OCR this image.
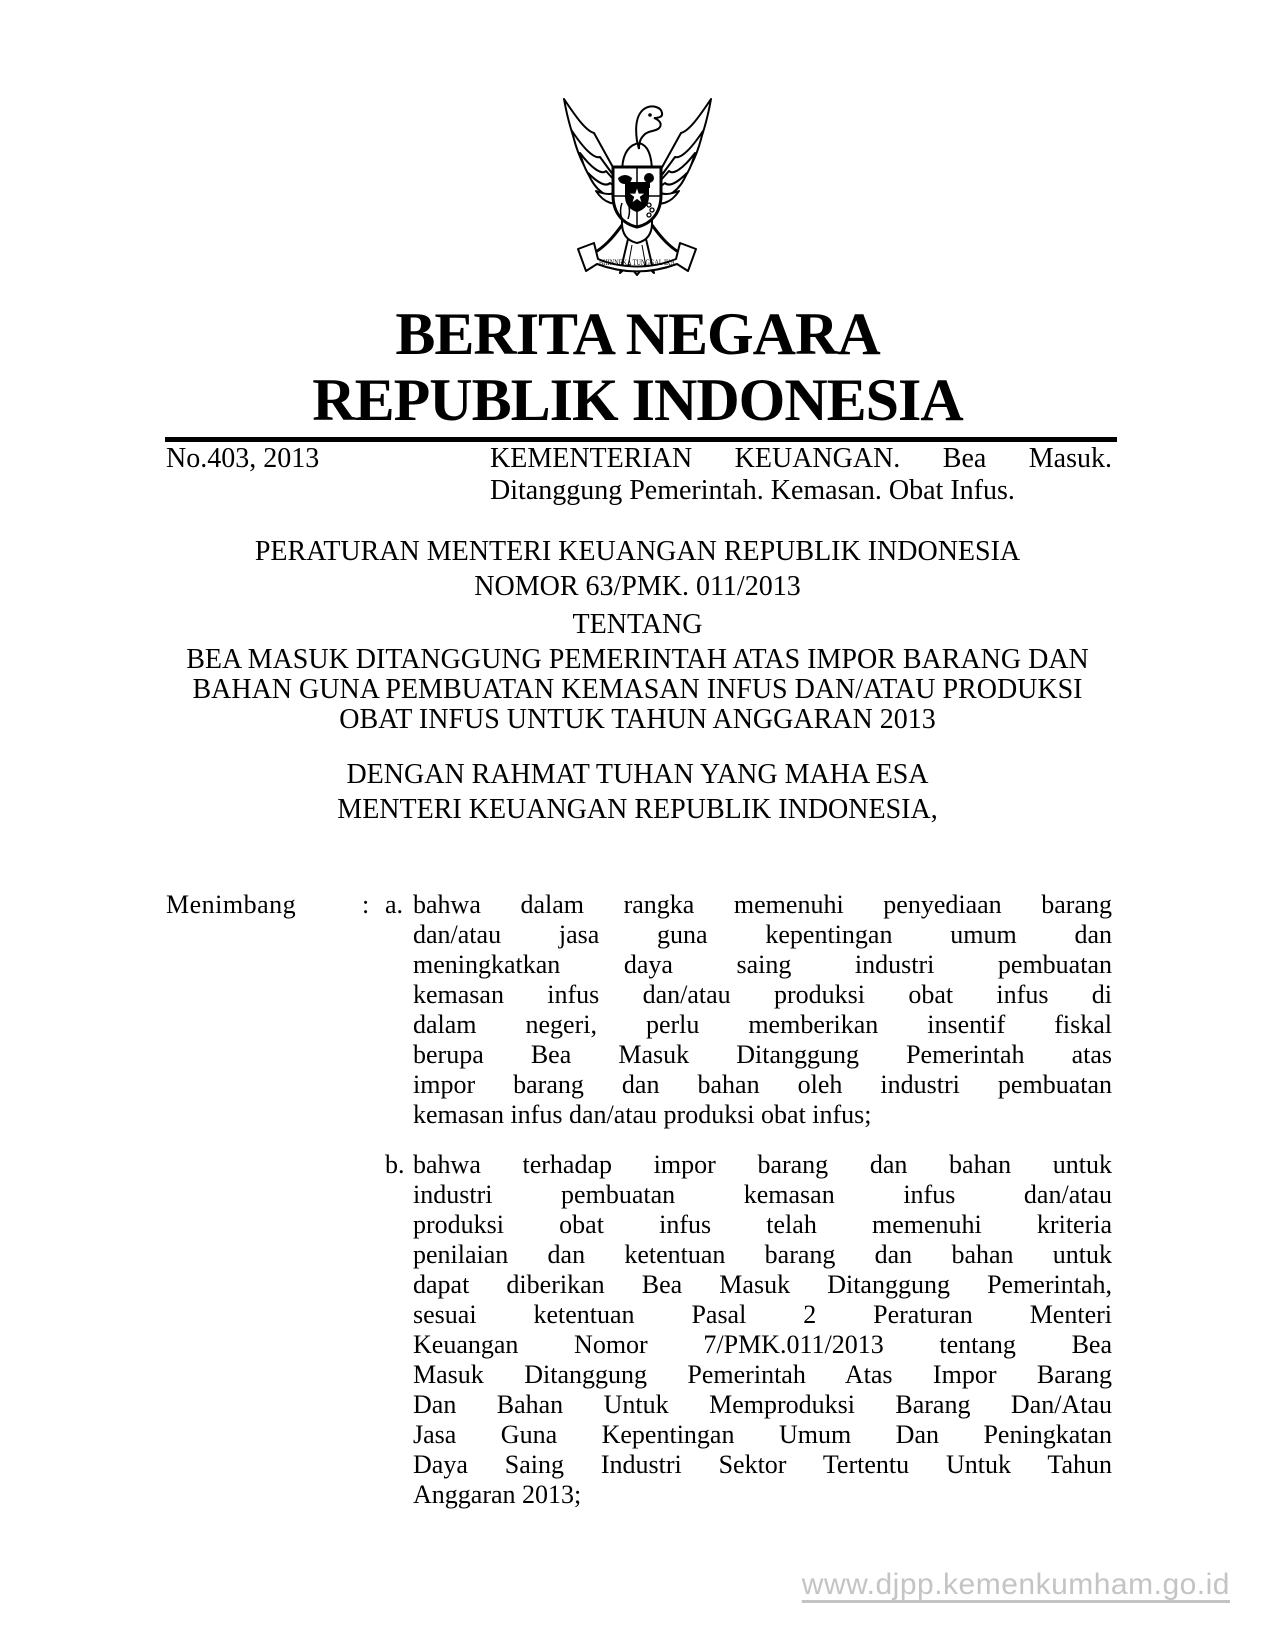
BHINNEKA TUNGGAL IKA
BERITA NEGARA
REPUBLIK INDONESIA
No.403, 2013	KEMENTERIAN KEUANGAN. Bea Masuk.
Ditanggung Pemerintah. Kemasan. Obat Infus.
PERATURAN MENTERI KEUANGAN REPUBLIK INDONESIA
NOMOR 63/PMK. 011/2013
TENTANG
BEA MASUK DITANGGUNG PEMERINTAH ATAS IMPOR BARANG DAN
BAHAN GUNA PEMBUATAN KEMASAN INFUS DAN/ATAU PRODUKSI
OBAT INFUS UNTUK TAHUN ANGGARAN 2013
DENGAN RAHMAT TUHAN YANG MAHA ESA
MENTERI KEUANGAN REPUBLIK INDONESIA,
Menimbang	: a. bahwa dalam rangka memenuhi penyediaan barang
dan/atau jasa guna kepentingan umum dan
meningkatkan daya saing industri pembuatan
kemasan infus dan/atau produksi obat infus di
dalam negeri, perlu memberikan insentif fiskal
berupa Bea Masuk Ditanggung Pemerintah atas
impor barang dan bahan oleh industri pembuatan
kemasan infus dan/atau produksi obat infus;
b. bahwa terhadap impor barang dan bahan untuk
industri pembuatan kemasan infus dan/atau
produksi obat infus telah memenuhi kriteria
penilaian dan ketentuan barang dan bahan untuk
dapat diberikan Bea Masuk Ditanggung Pemerintah,
sesuai ketentuan Pasal 2 Peraturan Menteri
Keuangan Nomor 7/PMK.011/2013 tentang Bea
Masuk Ditanggung Pemerintah Atas Impor Barang
Dan Bahan Untuk Memproduksi Barang Dan/Atau
Jasa Guna Kepentingan Umum Dan Peningkatan
Daya Saing Industri Sektor Tertentu Untuk Tahun
Anggaran 2013;
www.djpp.kemenkumham.go.id
